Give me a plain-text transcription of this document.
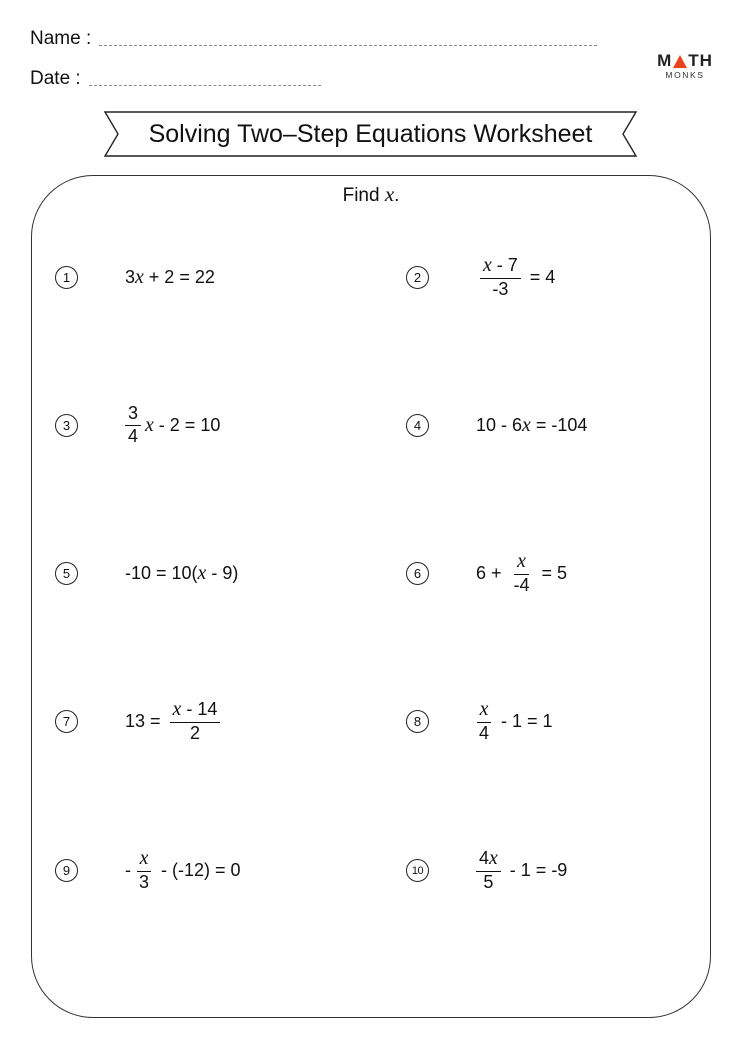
Name :
Date :
M TH
MONKS
Solving Two–Step Equations Worksheet
Find x.
1	3 x + 2 = 22	2	$\frac{x - 7}{-3} = 4$
3	$\frac{3}{4}$ x - 2 = 10	4	10 - 6 x = -104
5	-10 = 10( x - 9)	6	$6 + \frac{x}{-4} = 5$
7	$13 = \frac{x - 14}{2}$	8	$\frac{x}{4} - 1 = 1$
9	- $\frac{x}{3} - (-12) = 0$	10	$\frac{4x}{5} - 1 = -9$
